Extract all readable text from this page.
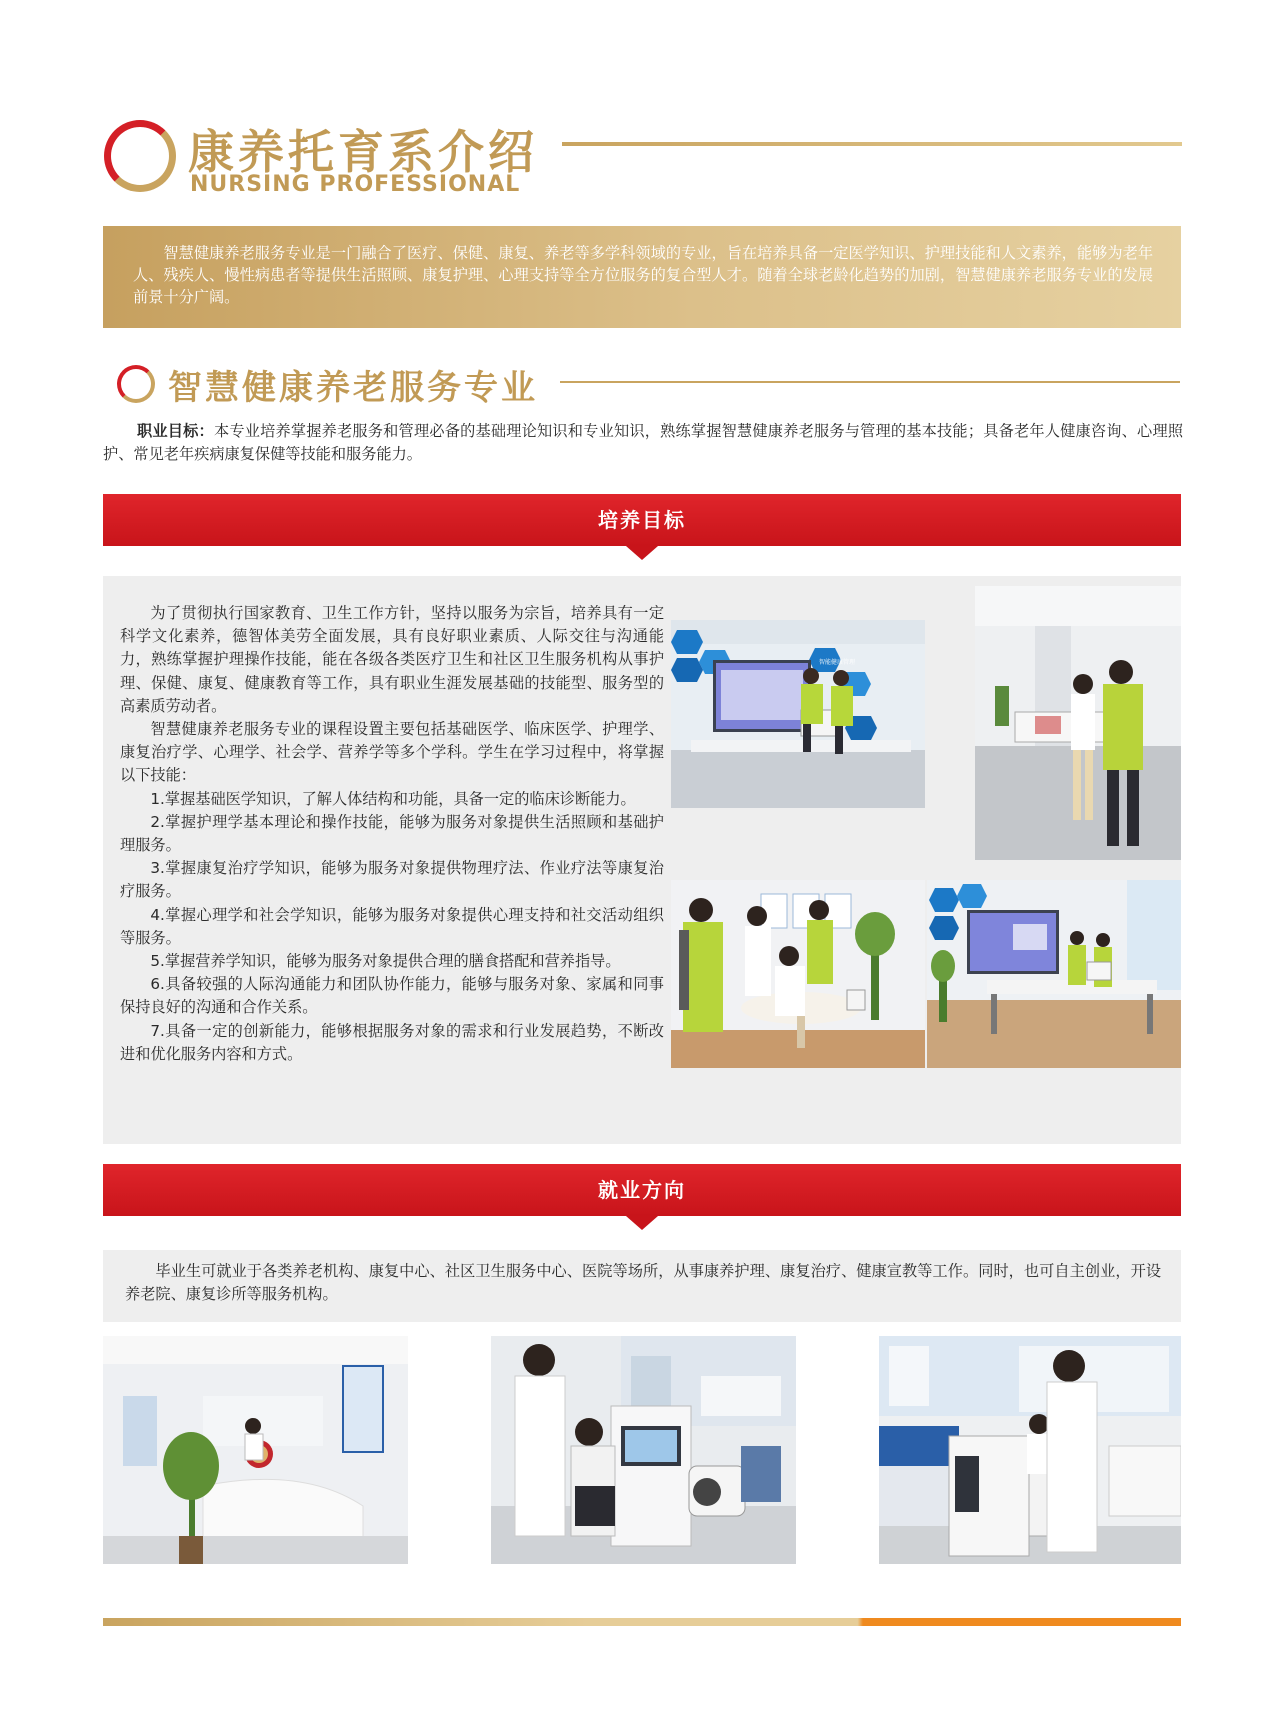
康养托育系介绍
NURSING PROFESSIONAL
智慧健康养老服务专业是一门融合了医疗、保健、康复、养老等多学科领域的专业，旨在培养具备一定医学知识、护理技能和人文素养，能够为老年人、残疾人、慢性病患者等提供生活照顾、康复护理、心理支持等全方位服务的复合型人才。随着全球老龄化趋势的加剧，智慧健康养老服务专业的发展前景十分广阔。
智慧健康养老服务专业
职业目标：本专业培养掌握养老服务和管理必备的基础理论知识和专业知识，熟练掌握智慧健康养老服务与管理的基本技能；具备老年人健康咨询、心理照护、常见老年疾病康复保健等技能和服务能力。
培养目标

为了贯彻执行国家教育、卫生工作方针，坚持以服务为宗旨，培养具有一定科学文化素养，德智体美劳全面发展，具有良好职业素质、人际交往与沟通能力，熟练掌握护理操作技能，能在各级各类医疗卫生和社区卫生服务机构从事护理、保健、康复、健康教育等工作，具有职业生涯发展基础的技能型、服务型的高素质劳动者。

智慧健康养老服务专业的课程设置主要包括基础医学、临床医学、护理学、康复治疗学、心理学、社会学、营养学等多个学科。学生在学习过程中，将掌握以下技能：

1.掌握基础医学知识，了解人体结构和功能，具备一定的临床诊断能力。

2.掌握护理学基本理论和操作技能，能够为服务对象提供生活照顾和基础护理服务。

3.掌握康复治疗学知识，能够为服务对象提供物理疗法、作业疗法等康复治疗服务。

4.掌握心理学和社会学知识，能够为服务对象提供心理支持和社交活动组织等服务。

5.掌握营养学知识，能够为服务对象提供合理的膳食搭配和营养指导。

6.具备较强的人际沟通能力和团队协作能力，能够与服务对象、家属和同事保持良好的沟通和合作关系。

7.具备一定的创新能力，能够根据服务对象的需求和行业发展趋势，不断改进和优化服务内容和方式。

智能健康管理
就业方向
毕业生可就业于各类养老机构、康复中心、社区卫生服务中心、医院等场所，从事康养护理、康复治疗、健康宣教等工作。同时，也可自主创业，开设养老院、康复诊所等服务机构。
